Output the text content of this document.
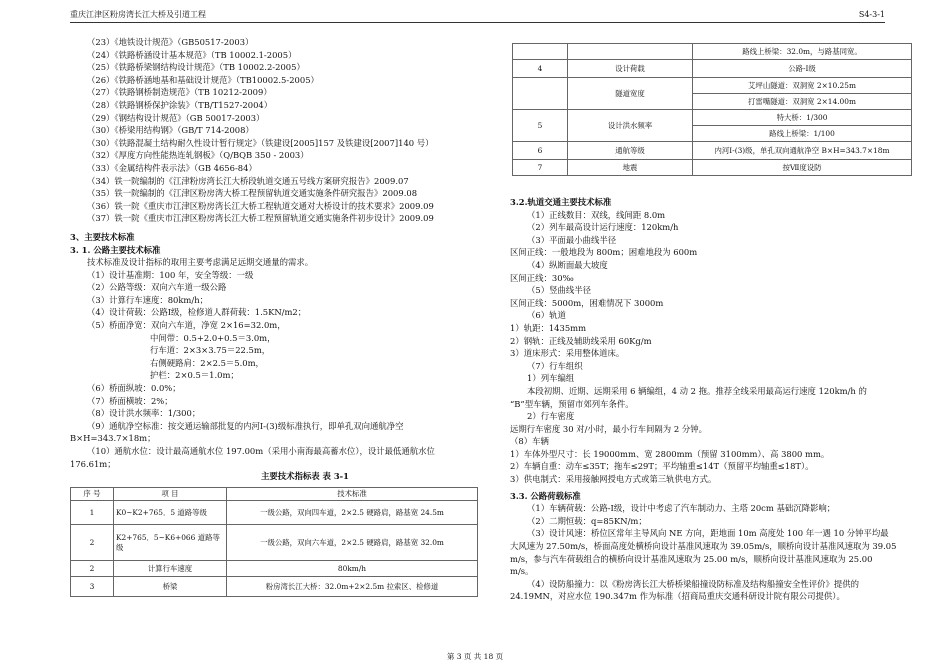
重庆江津区粉房湾长江大桥及引道工程	S4-3-1
（23）《地铁设计规范》（GB50517-2003）
（24）《铁路桥涵设计基本规范》（TB 10002.1-2005）
（25）《铁路桥梁钢结构设计规范》（TB 10002.2-2005）
（26）《铁路桥涵地基和基础设计规范》（TB10002.5-2005）
（27）《铁路钢桥制造规范》（TB 10212-2009）
（28）《铁路钢桥保护涂装》（TB/T1527-2004）
（29）《钢结构设计规范》（GB 50017-2003）
（30）《桥梁用结构钢》（GB/T 714-2008）
（30）《铁路混凝土结构耐久性设计暂行规定》（铁建设[2005]157 及铁建设[2007]140 号）
（32）《厚度方向性能热连轧钢板》（Q/BQB 350 - 2003）
（33）《金属结构件表示法》（GB 4656-84）
（34）铁一院编制的《江津粉房湾长江大桥段轨道交通五号线方案研究报告》2009.07
（35）铁一院编制的《江津区粉房湾大桥工程预留轨道交通实施条件研究报告》2009.08
（36）铁一院《重庆市江津区粉房湾长江大桥工程轨道交通对大桥设计的技术要求》2009.09
（37）铁一院《重庆市江津区粉房湾长江大桥工程预留轨道交通实施条件初步设计》2009.09
3、主要技术标准
3. 1. 公路主要技术标准
技术标准及设计指标的取用主要考虑满足远期交通量的需求。
（1）设计基准期：100 年，安全等级：一级
（2）公路等级：双向六车道一级公路
（3）计算行车速度：80km/h；
（4）设计荷载：公路Ⅰ级，检修道人群荷载：1.5KN/m2；
（5）桥面净宽：双向六车道，净宽 2×16=32.0m，
中间带：0.5+2.0+0.5＝3.0m，
行车道：2×3×3.75＝22.5m，
右侧硬路肩：2×2.5＝5.0m，
护栏：2×0.5＝1.0m；
（6）桥面纵坡：0.0%；
（7）桥面横坡：2%；
（8）设计洪水频率：1/300；
（9）通航净空标准：按交通运输部批复的内河Ⅰ-(3)级标准执行，即单孔双向通航净空
B×H=343.7×18m；
（10）通航水位：设计最高通航水位 197.00m（采用小南海最高蓄水位），设计最低通航水位
176.61m；
主要技术指标表 表 3-1
序 号	项 目	技术标准
1	K0~K2+765．5 道路等级	一级公路，双向四车道，2×2.5 硬路肩，路基宽 24.5m
2	K2+765．5~K6+066 道路等级	一级公路，双向六车道，2×2.5 硬路肩，路基宽 32.0m
2	计算行车速度	80km/h
3	桥梁	粉房湾长江大桥：32.0m+2×2.5m 拉索区、检修道
		路线上桥梁：32.0m，与路基同宽。
4	设计荷载	公路-Ⅰ级
	隧道宽度	艾坪山隧道：双洞宽 2×10.25m
		打雷嘴隧道：双洞宽 2×14.00m
5	设计洪水频率	特大桥：1/300
		路线上桥梁：1/100
6	通航等级	内河Ⅰ-(3)级，单孔双向通航净空 B×H=343.7×18m
7	地震	按Ⅶ度设防
3.2.轨道交通主要技术标准
（1）正线数目：双线，线间距 8.0m
（2）列车最高设计运行速度：120km/h
（3）平面最小曲线半径
区间正线：一般地段为 800m；困难地段为 600m
（4）纵断面最大坡度
区间正线：30‰
（5）竖曲线半径
区间正线：5000m，困难情况下 3000m
（6）轨道
1）轨距：1435mm
2）钢轨：正线及辅助线采用 60Kg/m
3）道床形式：采用整体道床。
（7）行车组织
1）列车编组
本段初期、近期、远期采用 6 辆编组，4 动 2 拖。推荐全线采用最高运行速度 120km/h 的
“B”型车辆，预留市郊列车条件。
2）行车密度
远期行车密度 30 对/小时，最小行车间隔为 2 分钟。
（8）车辆
1）车体外型尺寸：长 19000mm、宽 2800mm（预留 3100mm）、高 3800 mm。
2）车辆自重：动车≤35T；拖车≤29T；平均轴重≤14T（预留平均轴重≤18T）。
3）供电制式：采用接触网授电方式或第三轨供电方式。
3.3. 公路荷载标准
（1）车辆荷载：公路-Ⅰ级，设计中考虑了汽车制动力、主塔 20cm 基础沉降影响；
（2）二期恒载：q=85KN/m；
（3）设计风速：桥位区常年主导风向 NE 方向，距地面 10m 高度处 100 年一遇 10 分钟平均最
大风速为 27.50m/s，桥面高度处横桥向设计基准风速取为 39.05m/s，顺桥向设计基准风速取为 39.05
m/s，参与汽车荷载组合的横桥向设计基准风速取为 25.00 m/s，顺桥向设计基准风速取为 25.00
m/s。
（4）设防船撞力：以《粉房湾长江大桥桥梁船撞设防标准及结构船撞安全性评价》提供的
24.19MN，对应水位 190.347m 作为标准（招商局重庆交通科研设计院有限公司提供）。
第 3 页 共 18 页
